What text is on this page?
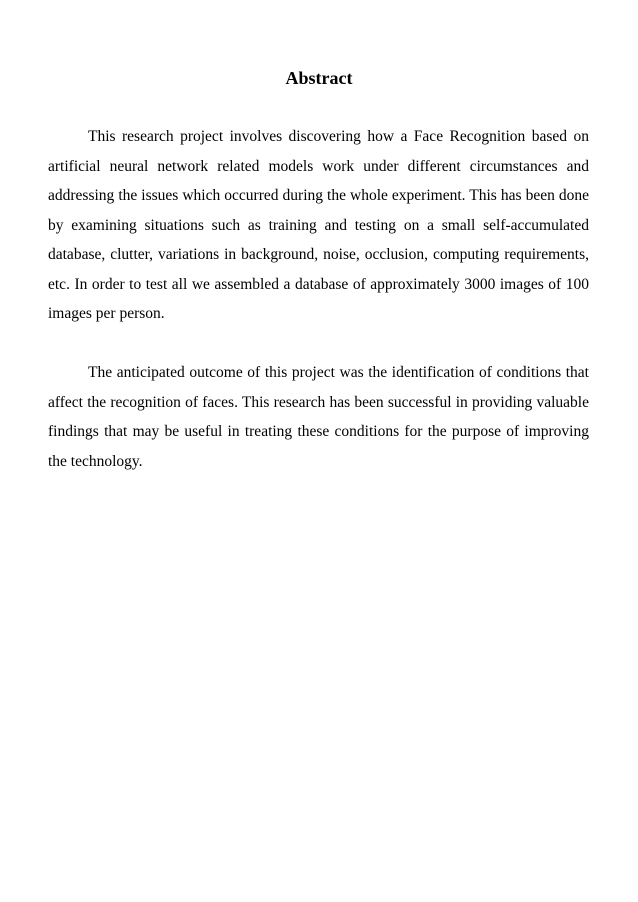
Abstract

This research project involves discovering how a Face Recognition based on artificial neural network related models work under different circumstances and addressing the issues which occurred during the whole experiment. This has been done by examining situations such as training and testing on a small self-accumulated database, clutter, variations in background, noise, occlusion, computing requirements, etc. In order to test all we assembled a database of approximately 3000 images of 100 images per person.

The anticipated outcome of this project was the identification of conditions that affect the recognition of faces. This research has been successful in providing valuable findings that may be useful in treating these conditions for the purpose of improving the technology.
